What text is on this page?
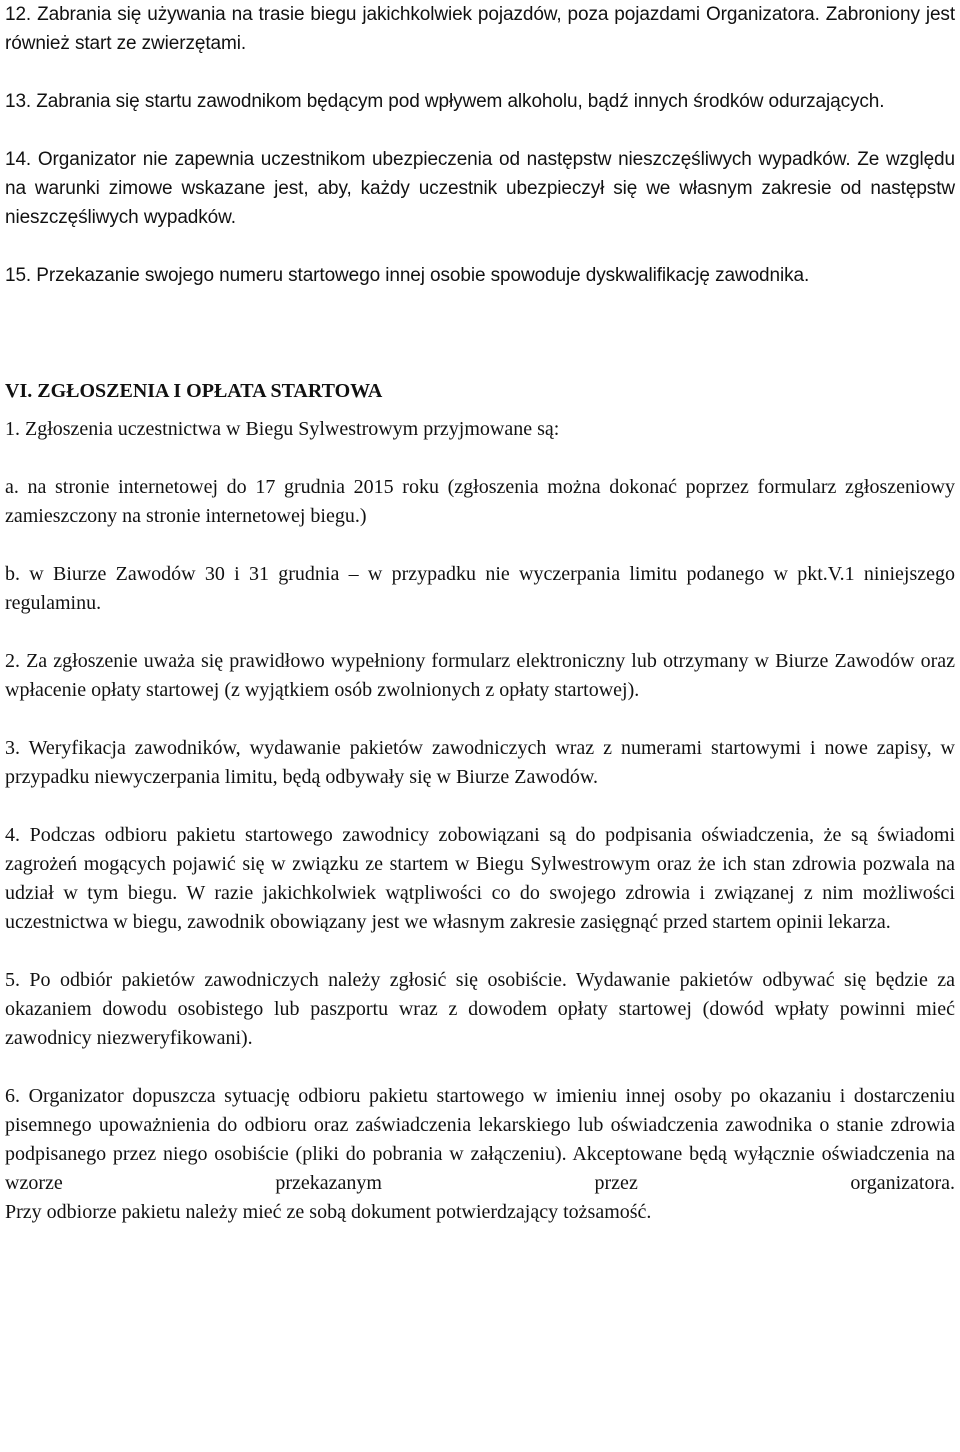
12. Zabrania się używania na trasie biegu jakichkolwiek pojazdów, poza pojazdami Organizatora. Zabroniony jest również start ze zwierzętami.

13. Zabrania się startu zawodnikom będącym pod wpływem alkoholu, bądź innych środków odurzających.

14. Organizator nie zapewnia uczestnikom ubezpieczenia od następstw nieszczęśliwych wypadków. Ze względu na warunki zimowe wskazane jest, aby, każdy uczestnik ubezpieczył się we własnym zakresie od następstw nieszczęśliwych wypadków.

15. Przekazanie swojego numeru startowego innej osobie spowoduje dyskwalifikację zawodnika.

VI. ZGŁOSZENIA I OPŁATA STARTOWA

1. Zgłoszenia uczestnictwa w Biegu Sylwestrowym przyjmowane są:

a. na stronie internetowej do 17 grudnia 2015 roku (zgłoszenia można dokonać poprzez formularz zgłoszeniowy zamieszczony na stronie internetowej biegu.)

b. w Biurze Zawodów 30 i 31 grudnia – w przypadku nie wyczerpania limitu podanego w pkt.V.1 niniejszego regulaminu.

2. Za zgłoszenie uważa się prawidłowo wypełniony formularz elektroniczny lub otrzymany w Biurze Zawodów oraz wpłacenie opłaty startowej (z wyjątkiem osób zwolnionych z opłaty startowej).

3. Weryfikacja zawodników, wydawanie pakietów zawodniczych wraz z numerami startowymi i nowe zapisy, w przypadku niewyczerpania limitu, będą odbywały się w Biurze Zawodów.

4. Podczas odbioru pakietu startowego zawodnicy zobowiązani są do podpisania oświadczenia, że są świadomi zagrożeń mogących pojawić się w związku ze startem w Biegu Sylwestrowym oraz że ich stan zdrowia pozwala na udział w tym biegu. W razie jakichkolwiek wątpliwości co do swojego zdrowia i związanej z nim możliwości uczestnictwa w biegu, zawodnik obowiązany jest we własnym zakresie zasięgnąć przed startem opinii lekarza.

5. Po odbiór pakietów zawodniczych należy zgłosić się osobiście. Wydawanie pakietów odbywać się będzie za okazaniem dowodu osobistego lub paszportu wraz z dowodem opłaty startowej (dowód wpłaty powinni mieć zawodnicy niezweryfikowani).

6. Organizator dopuszcza sytuację odbioru pakietu startowego w imieniu innej osoby po okazaniu i dostarczeniu pisemnego upoważnienia do odbioru oraz zaświadczenia lekarskiego lub oświadczenia zawodnika o stanie zdrowia podpisanego przez niego osobiście (pliki do pobrania w załączeniu). Akceptowane będą wyłącznie oświadczenia na wzorze przekazanym przez organizatora.

Przy odbiorze pakietu należy mieć ze sobą dokument potwierdzający tożsamość.
